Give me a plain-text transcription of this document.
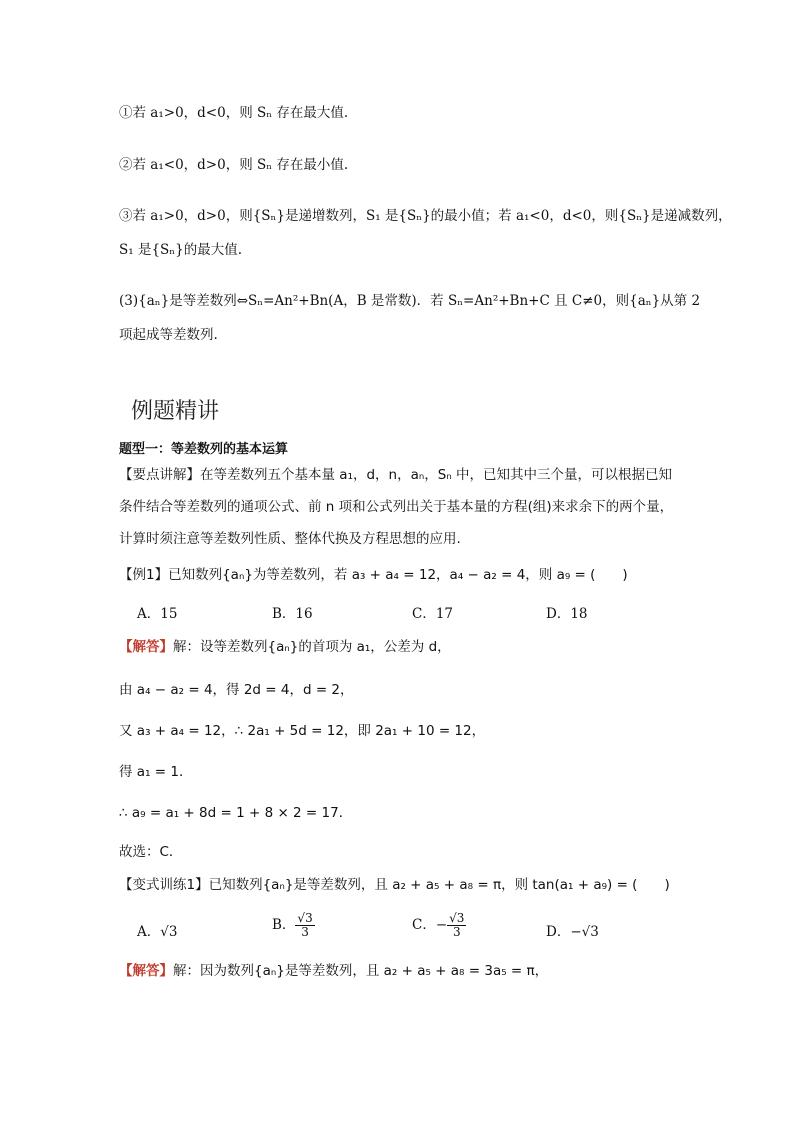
①若 a₁>0，d<0，则 Sₙ 存在最大值.
②若 a₁<0，d>0，则 Sₙ 存在最小值.
③若 a₁>0，d>0，则{Sₙ}是递增数列，S₁ 是{Sₙ}的最小值；若 a₁<0，d<0，则{Sₙ}是递减数列，
S₁ 是{Sₙ}的最大值.
(3){aₙ}是等差数列⇔Sₙ=An²+Bn(A，B 是常数)．若 Sₙ=An²+Bn+C 且 C≠0，则{aₙ}从第 2
项起成等差数列.
例题精讲
题型一：等差数列的基本运算
【要点讲解】在等差数列五个基本量 a₁，d，n，aₙ，Sₙ 中，已知其中三个量，可以根据已知
条件结合等差数列的通项公式、前 n 项和公式列出关于基本量的方程(组)来求余下的两个量，
计算时须注意等差数列性质、整体代换及方程思想的应用.
【例1】已知数列{aₙ}为等差数列，若 a₃ + a₄ = 12，a₄ − a₂ = 4，则 a₉ = (　　)
A．15	B．16	C．17	D．18
【解答】解：设等差数列{aₙ}的首项为 a₁，公差为 d，
由 a₄ − a₂ = 4，得 2d = 4，d = 2，
又 a₃ + a₄ = 12，∴ 2a₁ + 5d = 12，即 2a₁ + 10 = 12，
得 a₁ = 1．
∴ a₉ = a₁ + 8d = 1 + 8 × 2 = 17．
故选：C．
【变式训练1】已知数列{aₙ}是等差数列，且 a₂ + a₅ + a₈ = π，则 tan(a₁ + a₉) = (　　)
A．√3	B． $\frac{√3}{3}$	C．− $\frac{√3}{3}$	D．−√3
【解答】解：因为数列{aₙ}是等差数列，且 a₂ + a₅ + a₈ = 3a₅ = π，
